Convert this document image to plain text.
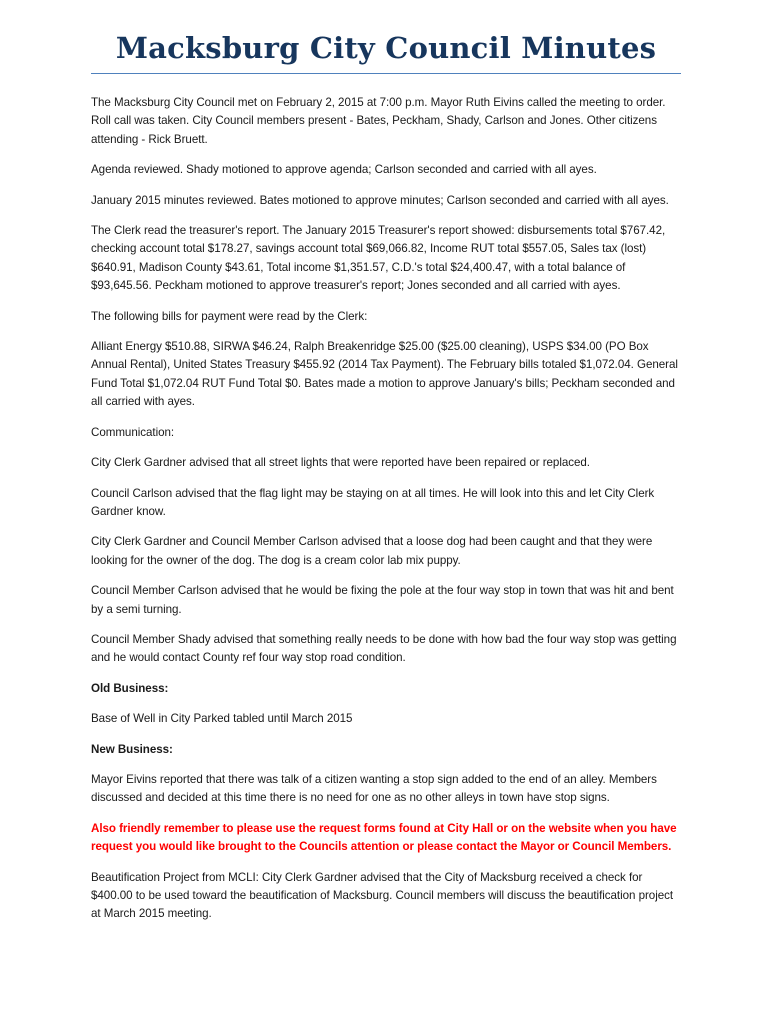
Macksburg City Council Minutes

The Macksburg City Council met on February 2, 2015 at 7:00 p.m. Mayor Ruth Eivins called the meeting to order. Roll call was taken. City Council members present - Bates, Peckham, Shady, Carlson and Jones. Other citizens attending - Rick Bruett.

Agenda reviewed. Shady motioned to approve agenda; Carlson seconded and carried with all ayes.

January 2015 minutes reviewed. Bates motioned to approve minutes; Carlson seconded and carried with all ayes.

The Clerk read the treasurer's report. The January 2015 Treasurer's report showed: disbursements total $767.42, checking account total $178.27, savings account total $69,066.82, Income RUT total $557.05, Sales tax (lost) $640.91, Madison County $43.61, Total income $1,351.57, C.D.'s total $24,400.47, with a total balance of $93,645.56. Peckham motioned to approve treasurer's report; Jones seconded and all carried with ayes.

The following bills for payment were read by the Clerk:

Alliant Energy $510.88, SIRWA $46.24, Ralph Breakenridge $25.00 ($25.00 cleaning), USPS $34.00 (PO Box Annual Rental), United States Treasury $455.92 (2014 Tax Payment). The February bills totaled $1,072.04. General Fund Total $1,072.04 RUT Fund Total $0. Bates made a motion to approve January's bills; Peckham seconded and all carried with ayes.

Communication:

City Clerk Gardner advised that all street lights that were reported have been repaired or replaced.

Council Carlson advised that the flag light may be staying on at all times. He will look into this and let City Clerk Gardner know.

City Clerk Gardner and Council Member Carlson advised that a loose dog had been caught and that they were looking for the owner of the dog. The dog is a cream color lab mix puppy.

Council Member Carlson advised that he would be fixing the pole at the four way stop in town that was hit and bent by a semi turning.

Council Member Shady advised that something really needs to be done with how bad the four way stop was getting and he would contact County ref four way stop road condition.

Old Business:

Base of Well in City Parked tabled until March 2015

New Business:

Mayor Eivins reported that there was talk of a citizen wanting a stop sign added to the end of an alley. Members discussed and decided at this time there is no need for one as no other alleys in town have stop signs.

Also friendly remember to please use the request forms found at City Hall or on the website when you have request you would like brought to the Councils attention or please contact the Mayor or Council Members.

Beautification Project from MCLI: City Clerk Gardner advised that the City of Macksburg received a check for $400.00 to be used toward the beautification of Macksburg. Council members will discuss the beautification project at March 2015 meeting.
